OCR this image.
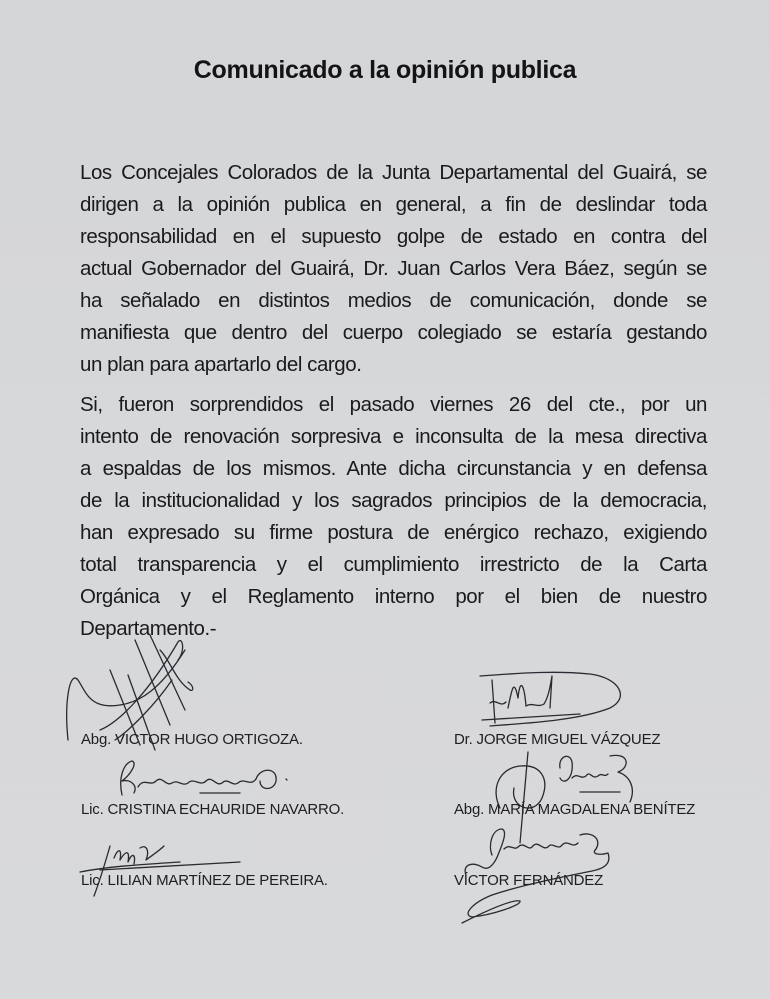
Comunicado a la opinión publica
Los Concejales Colorados de la Junta Departamental del Guairá, se
dirigen a la opinión publica en general, a fin de deslindar toda
responsabilidad en el supuesto golpe de estado en contra del
actual Gobernador del Guairá, Dr. Juan Carlos Vera Báez, según se
ha señalado en distintos medios de comunicación, donde se
manifiesta que dentro del cuerpo colegiado se estaría gestando
un plan para apartarlo del cargo.
Si, fueron sorprendidos el pasado viernes 26 del cte., por un
intento de renovación sorpresiva e inconsulta de la mesa directiva
a espaldas de los mismos. Ante dicha circunstancia y en defensa
de la institucionalidad y los sagrados principios de la democracia,
han expresado su firme postura de enérgico rechazo, exigiendo
total transparencia y el cumplimiento irrestricto de la Carta
Orgánica y el Reglamento interno por el bien de nuestro
Departamento.-
Abg. VICTOR HUGO ORTIGOZA.	Dr. JORGE MIGUEL VÁZQUEZ
Lic. CRISTINA ECHAURIDE NAVARRO.	Abg. MARÍA MAGDALENA BENÍTEZ
Lic. LILIAN MARTÍNEZ DE PEREIRA.	VÍCTOR FERNÁNDEZ
